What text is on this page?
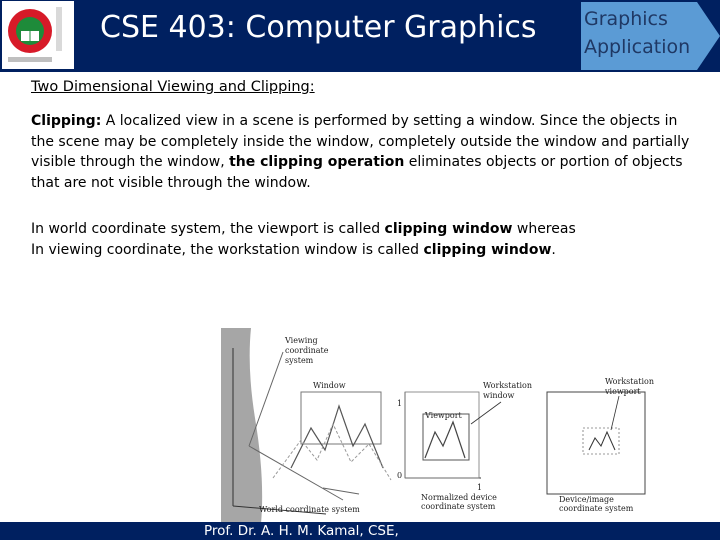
CSE 403: Computer Graphics Graphics
Application
Two Dimensional Viewing and Clipping:
Clipping: A localized view in a scene is performed by setting a window. Since the objects in the scene may be completely inside the window, completely outside the window and partially visible through the window, the clipping operation eliminates objects or portion of objects that are not visible through the window.
In world coordinate system, the viewport is called clipping window whereas
In viewing coordinate, the workstation window is called clipping window.
Viewing
coordinate
system
Window
World coordinate system
Viewport
Workstation
window
1
0
1
Normalized device
coordinate system
Workstation
viewport
Device/image
coordinate system
Prof. Dr. A. H. M. Kamal, CSE,
